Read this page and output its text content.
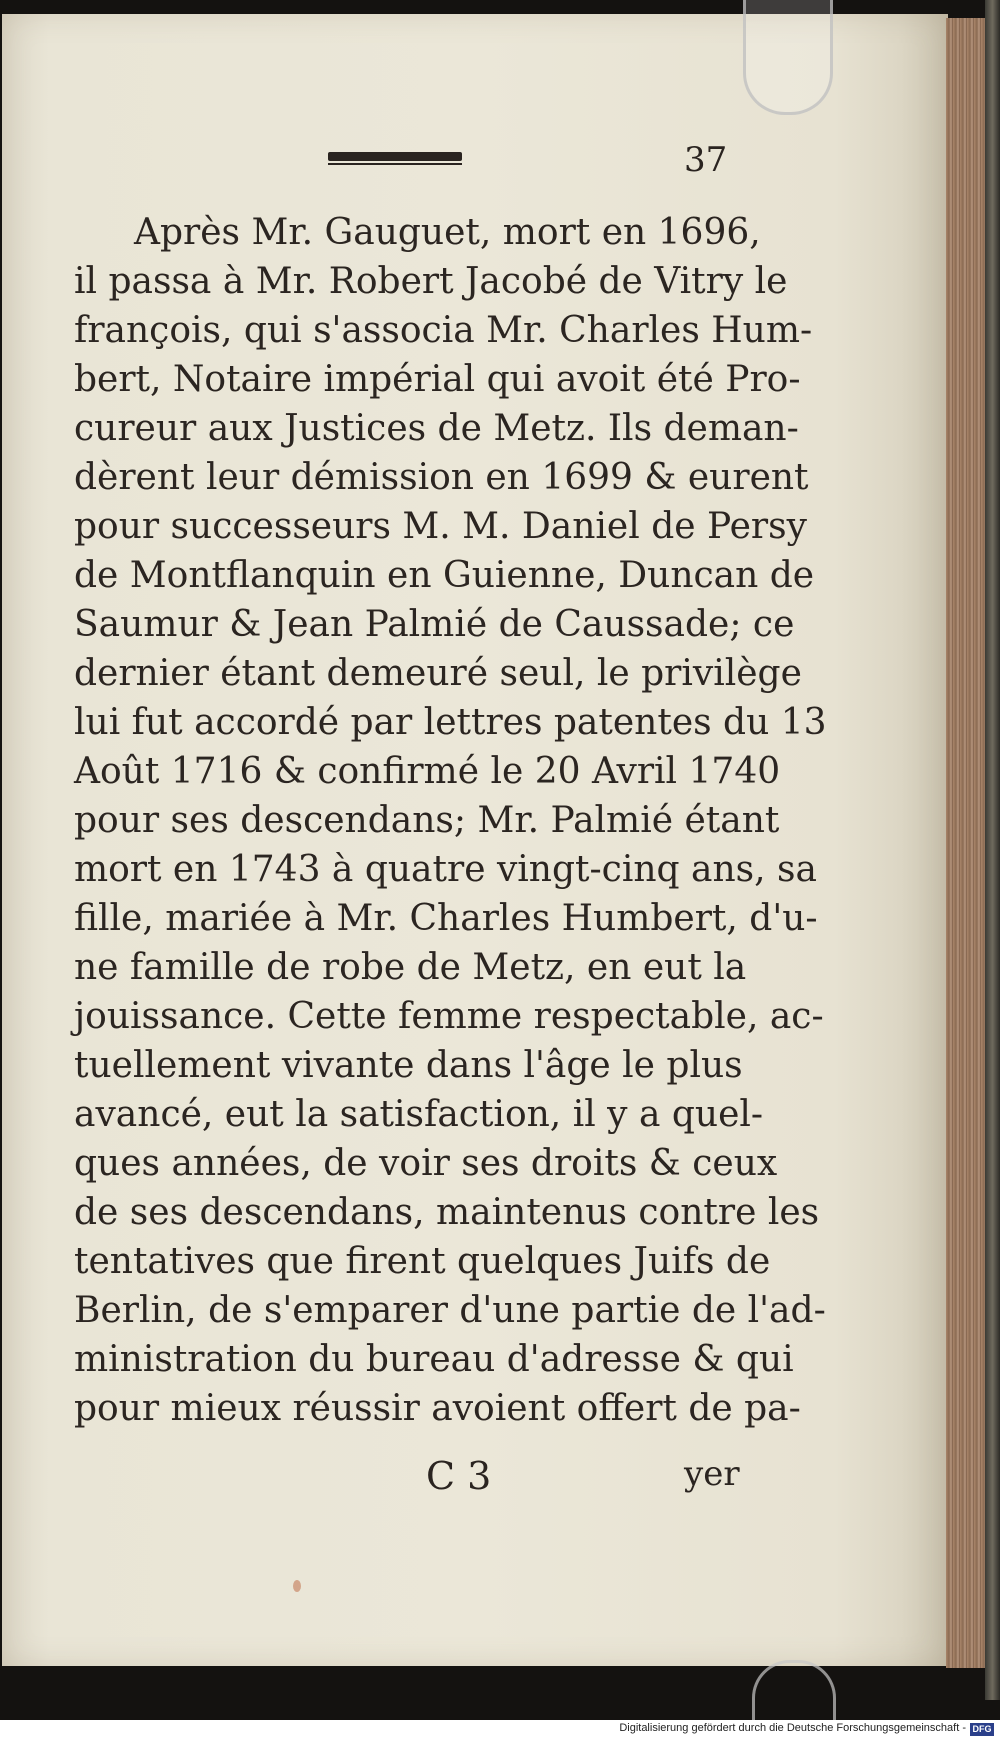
37
Après Mr. Gauguet, mort en 1696,
il passa à Mr. Robert Jacobé de Vitry le
françois, qui s'associa Mr. Charles Hum-
bert, Notaire impérial qui avoit été Pro-
cureur aux Justices de Metz. Ils deman-
dèrent leur démission en 1699 & eurent
pour successeurs M. M. Daniel de Persy
de Montflanquin en Guienne, Duncan de
Saumur & Jean Palmié de Caussade; ce
dernier étant demeuré seul, le privilège
lui fut accordé par lettres patentes du 13
Août 1716 & confirmé le 20 Avril 1740
pour ses descendans; Mr. Palmié étant
mort en 1743 à quatre vingt-cinq ans, sa
fille, mariée à Mr. Charles Humbert, d'u-
ne famille de robe de Metz, en eut la
jouissance. Cette femme respectable, ac-
tuellement vivante dans l'âge le plus
avancé, eut la satisfaction, il y a quel-
ques années, de voir ses droits & ceux
de ses descendans, maintenus contre les
tentatives que firent quelques Juifs de
Berlin, de s'emparer d'une partie de l'ad-
ministration du bureau d'adresse & qui
pour mieux réussir avoient offert de pa-
C 3	yer
Digitalisierung gefördert durch die Deutsche Forschungsgemeinschaft - DFG
